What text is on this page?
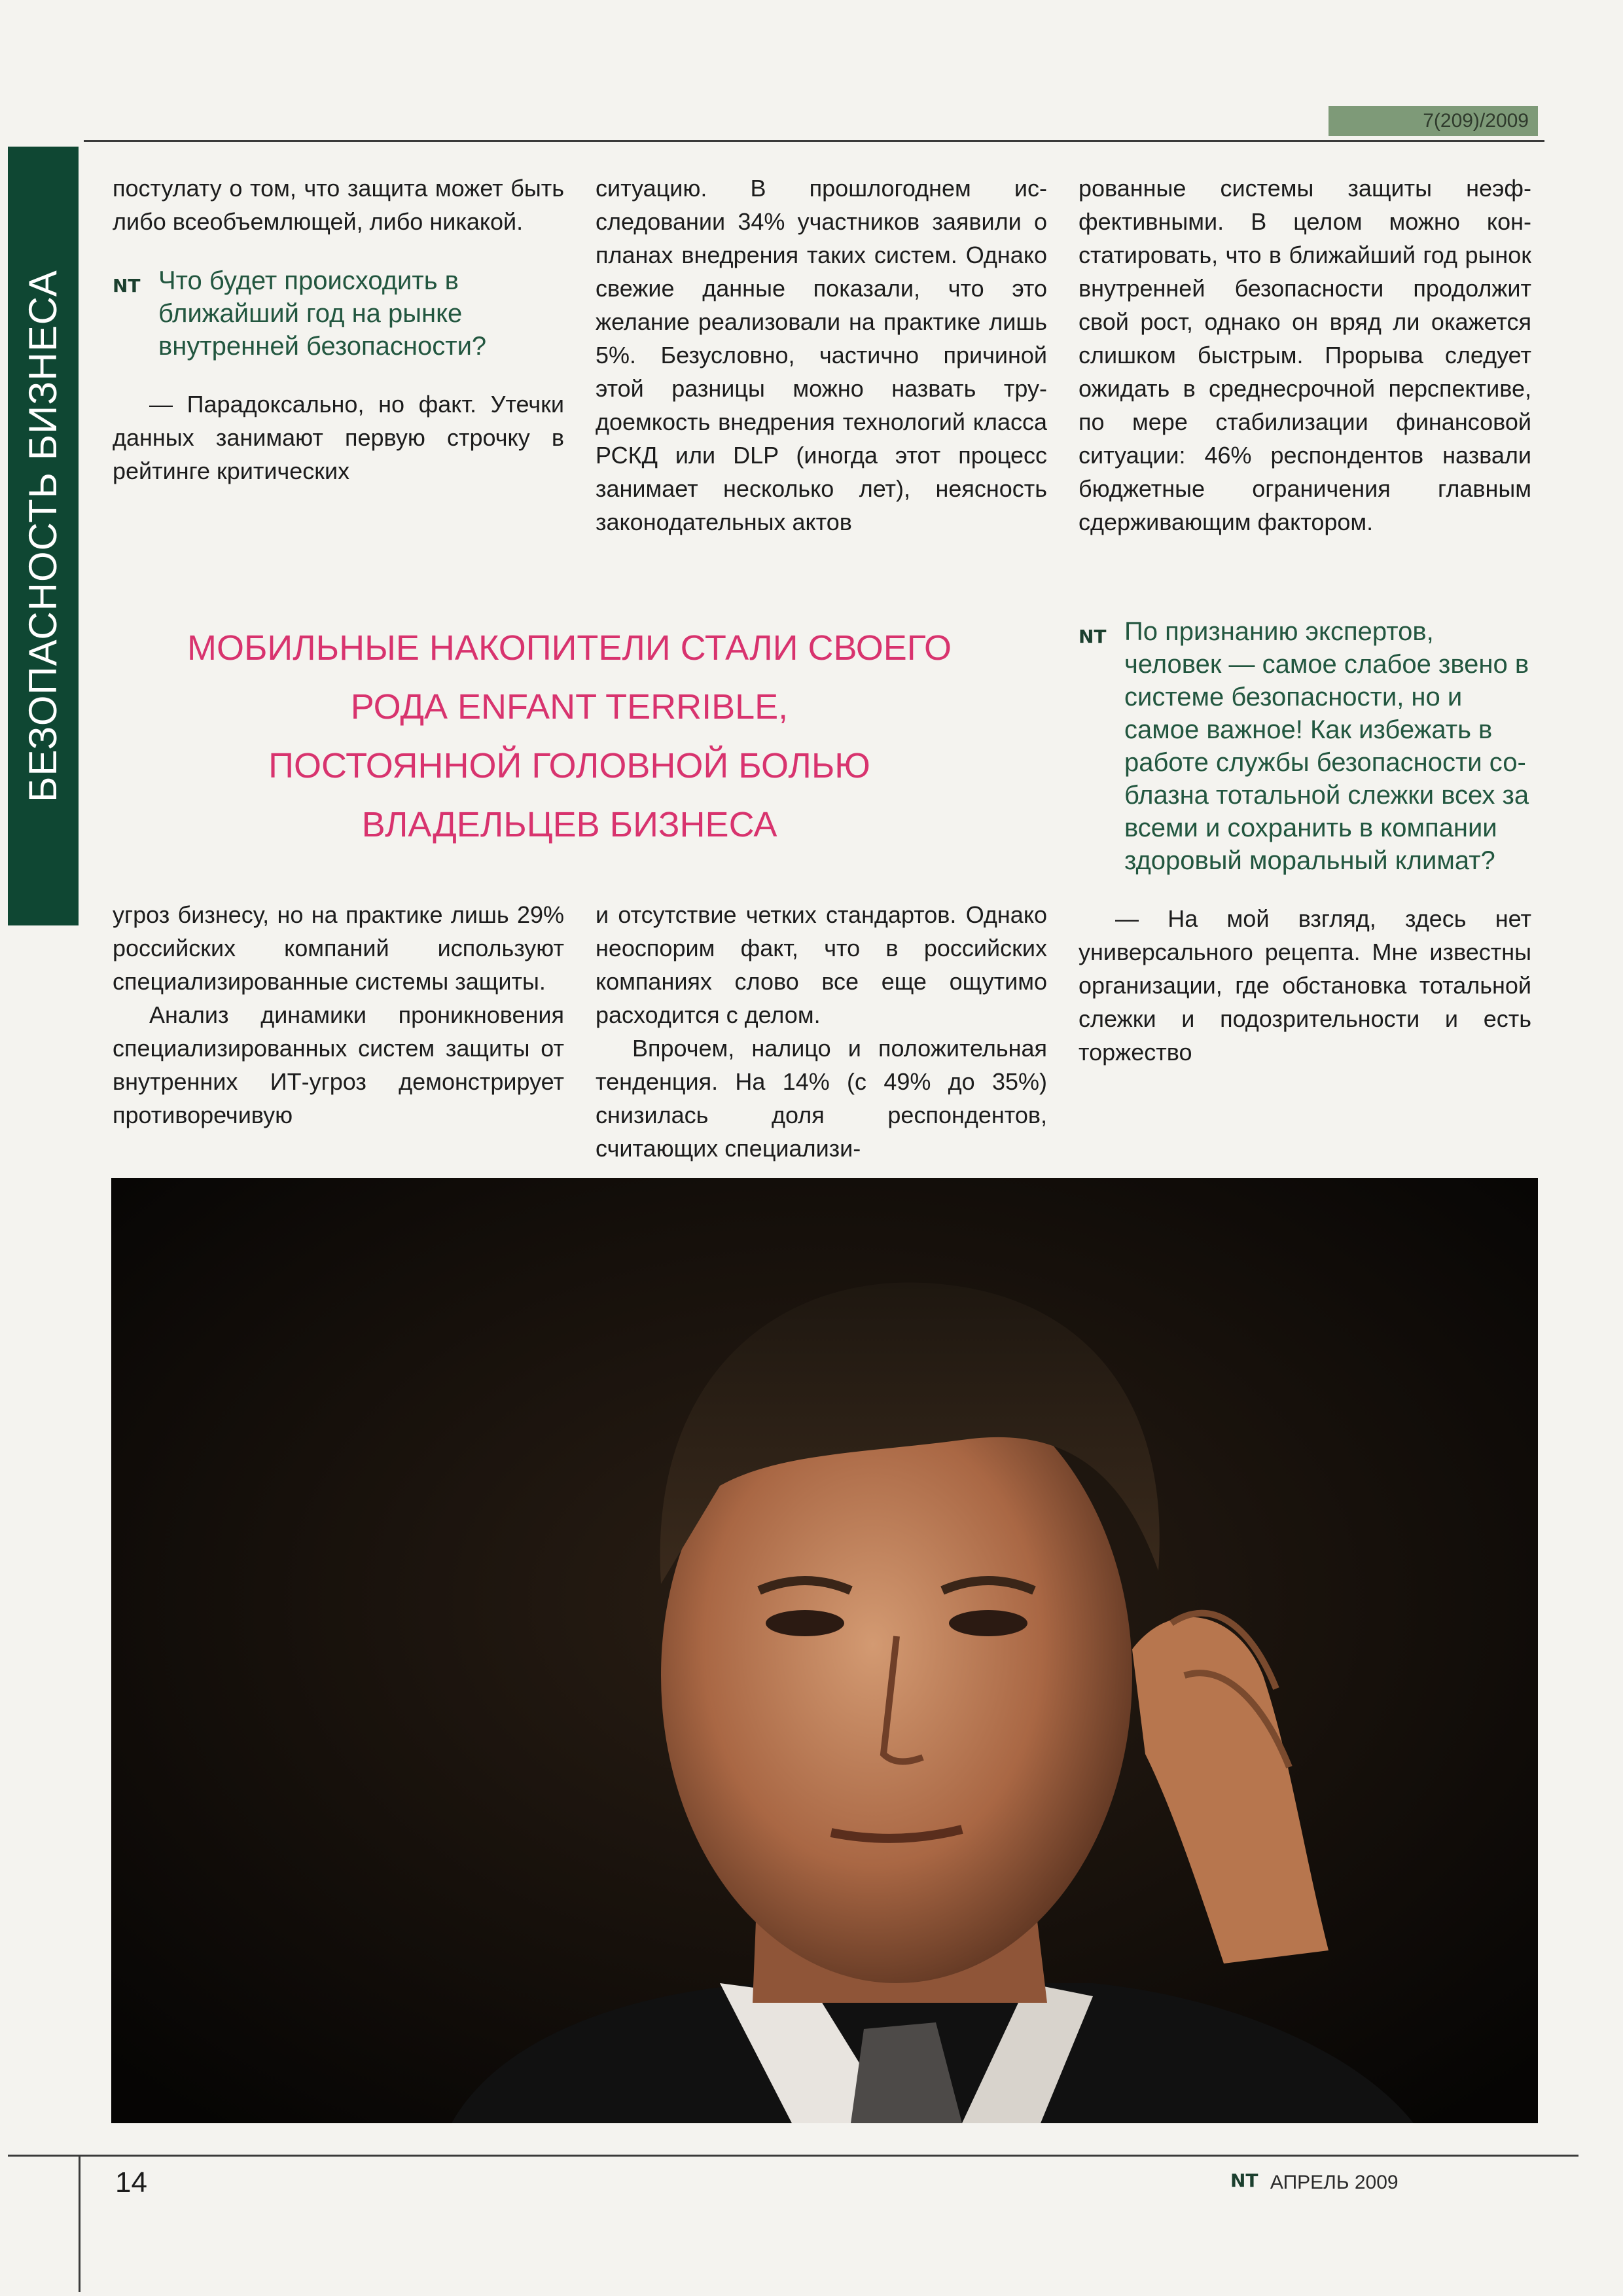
7(209)/2009
БЕЗОПАСНОСТЬ БИЗНЕСА

постулату о том, что защита может быть либо всеобъемлющей, либо никакой.

NT Что будет происходить в ближайший год на рынке внутренней безопасности?

— Парадоксально, но факт. Утечки данных занимают первую строчку в рейтинге критических

ситуацию. В прошлогоднем исследовании 34% участников заявили о планах внедрения таких систем. Однако свежие данные показали, что это желание реализовали на практике лишь 5%. Безусловно, частично причиной этой разницы можно назвать трудоемкость внедрения технологий класса РСКД или DLP (иногда этот процесс занимает несколько лет), неясность законодательных актов

рованные системы защиты неэффективными. В целом можно констатировать, что в ближайший год рынок внутренней безопасности продолжит свой рост, однако он вряд ли окажется слишком быстрым. Прорыва следует ожидать в среднесрочной перспективе, по мере стабилизации финансовой ситуации: 46% респондентов назвали бюджетные ограничения главным сдерживающим фактором.

МОБИЛЬНЫЕ НАКОПИТЕЛИ СТАЛИ СВОЕГО
РОДА ENFANT TERRIBLE,
ПОСТОЯННОЙ ГОЛОВНОЙ БОЛЬЮ
ВЛАДЕЛЬЦЕВ БИЗНЕСА

угроз бизнесу, но на практике лишь 29% российских компаний используют специализированные системы защиты.

Анализ динамики проникновения специализированных систем защиты от внутренних ИТ-угроз демонстрирует противоречивую

и отсутствие четких стандартов. Однако неоспорим факт, что в российских компаниях слово все еще ощутимо расходится с делом.

Впрочем, налицо и положительная тенденция. На 14% (с 49% до 35%) снизилась доля респондентов, считающих специализи-

NT По признанию экспертов, человек — самое слабое звено в системе безопасности, но и самое важное! Как избежать в работе службы безопасности соблазна тотальной слежки всех за всеми и сохранить в компании здоровый моральный климат?

— На мой взгляд, здесь нет универсального рецепта. Мне известны организации, где обстановка тотальной слежки и подозрительности и есть торжество

14	NT АПРЕЛЬ 2009
